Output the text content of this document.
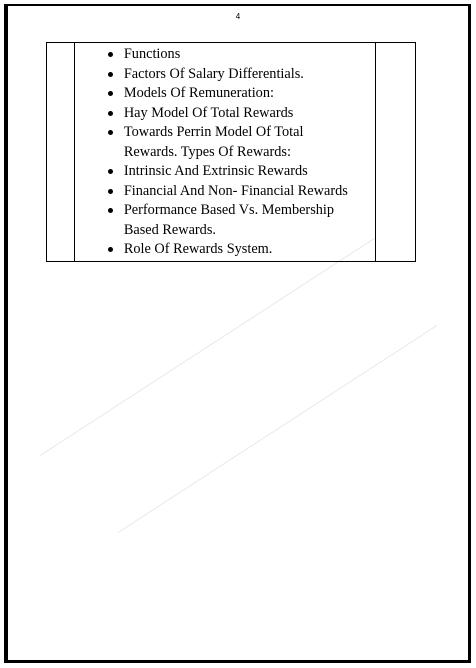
4
Functions
Factors Of Salary Differentials.
Models Of Remuneration:
Hay Model Of Total Rewards
Towards Perrin Model Of Total
Rewards. Types Of Rewards:
Intrinsic And Extrinsic Rewards
Financial And Non- Financial Rewards
Performance Based Vs. Membership
Based Rewards.
Role Of Rewards System.
